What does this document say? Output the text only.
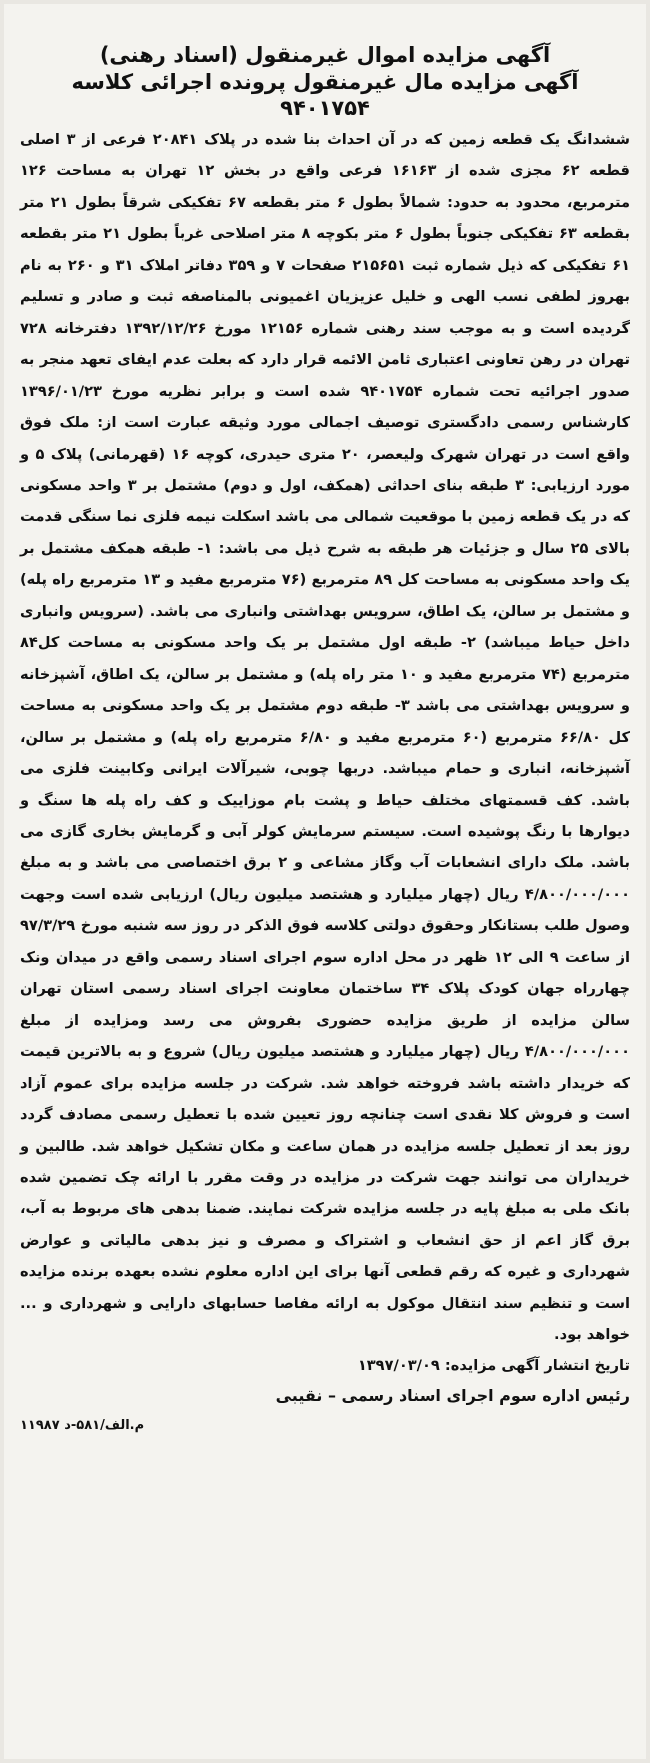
آگهی مزایده اموال غیرمنقول (اسناد رهنی)
آگهی مزایده مال غیرمنقول پرونده اجرائی کلاسه
۹۴۰۱۷۵۴

ششدانگ یک قطعه زمین که در آن احداث بنا شده در پلاک ۲۰۸۴۱ فرعی از ۳ اصلی قطعه ۶۲ مجزی شده از ۱۶۱۶۳ فرعی واقع در بخش ۱۲ تهران به مساحت ۱۲۶ مترمربع، محدود به حدود: شمالاً بطول ۶ متر بقطعه ۶۷ تفکیکی شرقاً بطول ۲۱ متر بقطعه ۶۳ تفکیکی جنوباً بطول ۶ متر بکوچه ۸ متر اصلاحی غرباً بطول ۲۱ متر بقطعه ۶۱ تفکیکی که ذیل شماره ثبت ۲۱۵۶۵۱ صفحات ۷ و ۳۵۹ دفاتر املاک ۳۱ و ۲۶۰ به نام بهروز لطفی نسب الهی و خلیل عزیزیان اغمیونی بالمناصفه ثبت و صادر و تسلیم گردیده است و به موجب سند رهنی شماره ۱۲۱۵۶ مورخ ۱۳۹۲/۱۲/۲۶ دفترخانه ۷۲۸ تهران در رهن تعاونی اعتباری ثامن الائمه قرار دارد که بعلت عدم ایفای تعهد منجر به صدور اجرائیه تحت شماره ۹۴۰۱۷۵۴ شده است و برابر نظریه مورخ ۱۳۹۶/۰۱/۲۳ کارشناس رسمی دادگستری توصیف اجمالی مورد وثیقه عبارت است از: ملک فوق واقع است در تهران شهرک ولیعصر، ۲۰ متری حیدری، کوچه ۱۶ (قهرمانی) پلاک ۵ و مورد ارزیابی: ۳ طبقه بنای احداثی (همکف، اول و دوم) مشتمل بر ۳ واحد مسکونی که در یک قطعه زمین با موقعیت شمالی می باشد اسکلت نیمه فلزی نما سنگی قدمت بالای ۲۵ سال و جزئیات هر طبقه به شرح ذیل می باشد: ۱- طبقه همکف مشتمل بر یک واحد مسکونی به مساحت کل ۸۹ مترمربع (۷۶ مترمربع مفید و ۱۳ مترمربع راه پله) و مشتمل بر سالن، یک اطاق، سرویس بهداشتی وانباری می باشد. (سرویس وانباری داخل حیاط میباشد) ۲- طبقه اول مشتمل بر یک واحد مسکونی به مساحت کل۸۴ مترمربع (۷۴ مترمربع مفید و ۱۰ متر راه پله) و مشتمل بر سالن، یک اطاق، آشپزخانه و سرویس بهداشتی می باشد ۳- طبقه دوم مشتمل بر یک واحد مسکونی به مساحت کل ۶۶/۸۰ مترمربع (۶۰ مترمربع مفید و ۶/۸۰ مترمربع راه پله) و مشتمل بر سالن، آشپزخانه، انباری و حمام میباشد. دربها چوبی، شیرآلات ایرانی وکابینت فلزی می باشد. کف قسمتهای مختلف حیاط و پشت بام موزاییک و کف راه پله ها سنگ و دیوارها با رنگ پوشیده است. سیستم سرمایش کولر آبی و گرمایش بخاری گازی می باشد. ملک دارای انشعابات آب وگاز مشاعی و ۲ برق اختصاصی می باشد و به مبلغ ۴/۸۰۰/۰۰۰/۰۰۰ ریال (چهار میلیارد و هشتصد میلیون ریال) ارزیابی شده است وجهت وصول طلب بستانکار وحقوق دولتی کلاسه فوق الذکر در روز سه شنبه مورخ ۹۷/۳/۲۹ از ساعت ۹ الی ۱۲ ظهر در محل اداره سوم اجرای اسناد رسمی واقع در میدان ونک چهارراه جهان کودک پلاک ۳۴ ساختمان معاونت اجرای اسناد رسمی استان تهران سالن مزایده از طریق مزایده حضوری بفروش می رسد ومزایده از مبلغ ۴/۸۰۰/۰۰۰/۰۰۰ ریال (چهار میلیارد و هشتصد میلیون ریال) شروع و به بالاترین قیمت که خریدار داشته باشد فروخته خواهد شد. شرکت در جلسه مزایده برای عموم آزاد است و فروش کلا نقدی است چنانچه روز تعیین شده با تعطیل رسمی مصادف گردد روز بعد از تعطیل جلسه مزایده در همان ساعت و مکان تشکیل خواهد شد. طالبین و خریداران می توانند جهت شرکت در مزایده در وقت مقرر با ارائه چک تضمین شده بانک ملی به مبلغ پایه در جلسه مزایده شرکت نمایند. ضمنا بدهی های مربوط به آب، برق گاز اعم از حق انشعاب و اشتراک و مصرف و نیز بدهی مالیاتی و عوارض شهرداری و غیره که رقم قطعی آنها برای این اداره معلوم نشده بعهده برنده مزایده است و تنظیم سند انتقال موکول به ارائه مفاصا حسابهای دارایی و شهرداری و ... خواهد بود.

تاریخ انتشار آگهی مزایده: ۱۳۹۷/۰۳/۰۹
رئیس اداره سوم اجرای اسناد رسمی – نقیبی
م.الف/۵۸۱-د ۱۱۹۸۷
